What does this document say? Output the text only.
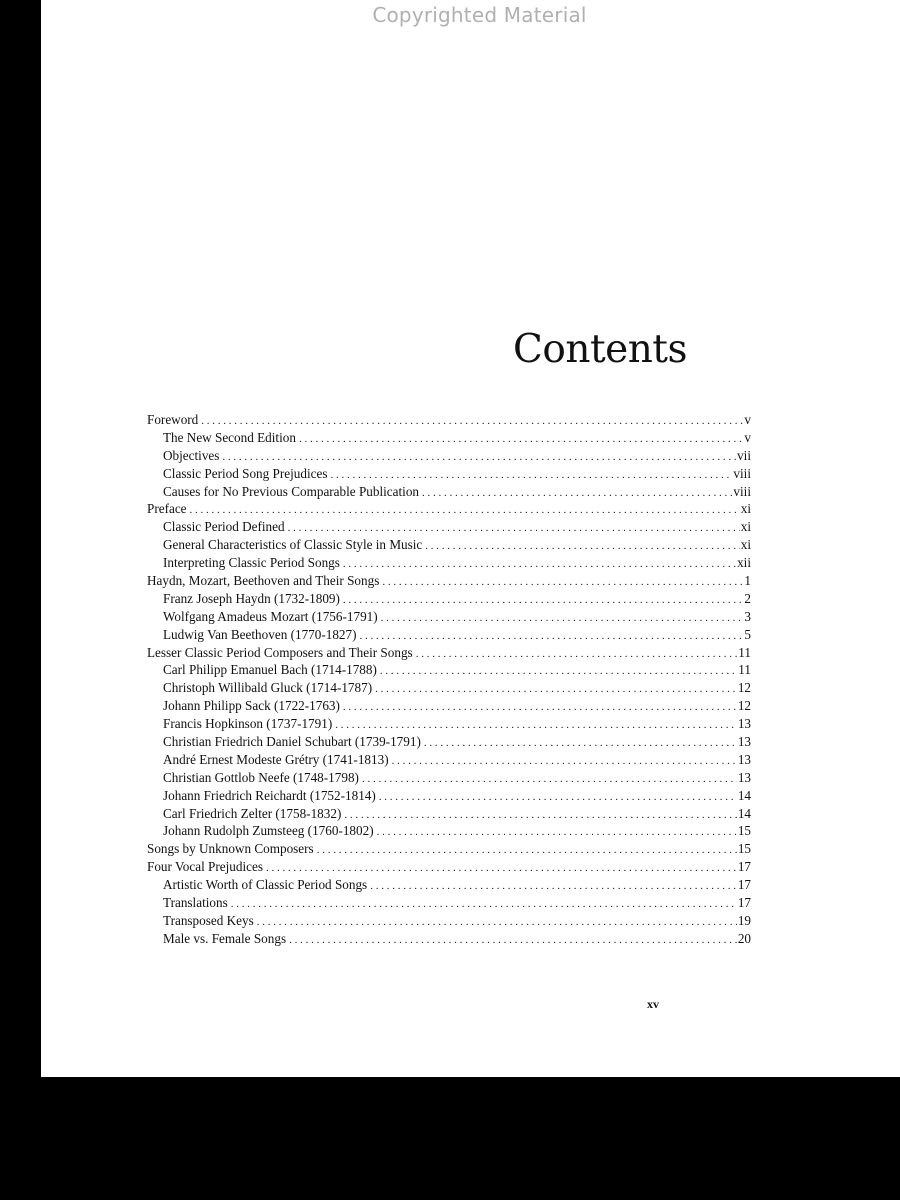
Copyrighted Material
Contents
Foreword . . .	v
The New Second Edition . . .	v
Objectives . . .	vii
Classic Period Song Prejudices . . .	viii
Causes for No Previous Comparable Publication . . .	viii
Preface . . .	xi
Classic Period Defined . . .	xi
General Characteristics of Classic Style in Music . . .	xi
Interpreting Classic Period Songs . . .	xii
Haydn, Mozart, Beethoven and Their Songs . . .	1
Franz Joseph Haydn (1732-1809) . . .	2
Wolfgang Amadeus Mozart (1756-1791) . . .	3
Ludwig Van Beethoven (1770-1827) . . .	5
Lesser Classic Period Composers and Their Songs . . .	11
Carl Philipp Emanuel Bach (1714-1788) . . .	11
Christoph Willibald Gluck (1714-1787) . . .	12
Johann Philipp Sack (1722-1763) . . .	12
Francis Hopkinson (1737-1791) . . .	13
Christian Friedrich Daniel Schubart (1739-1791) . . .	13
André Ernest Modeste Grétry (1741-1813) . . .	13
Christian Gottlob Neefe (1748-1798) . . .	13
Johann Friedrich Reichardt (1752-1814) . . .	14
Carl Friedrich Zelter (1758-1832) . . .	14
Johann Rudolph Zumsteeg (1760-1802) . . .	15
Songs by Unknown Composers . . .	15
Four Vocal Prejudices . . .	17
Artistic Worth of Classic Period Songs . . .	17
Translations . . .	17
Transposed Keys . . .	19
Male vs. Female Songs . . .	20
xv
